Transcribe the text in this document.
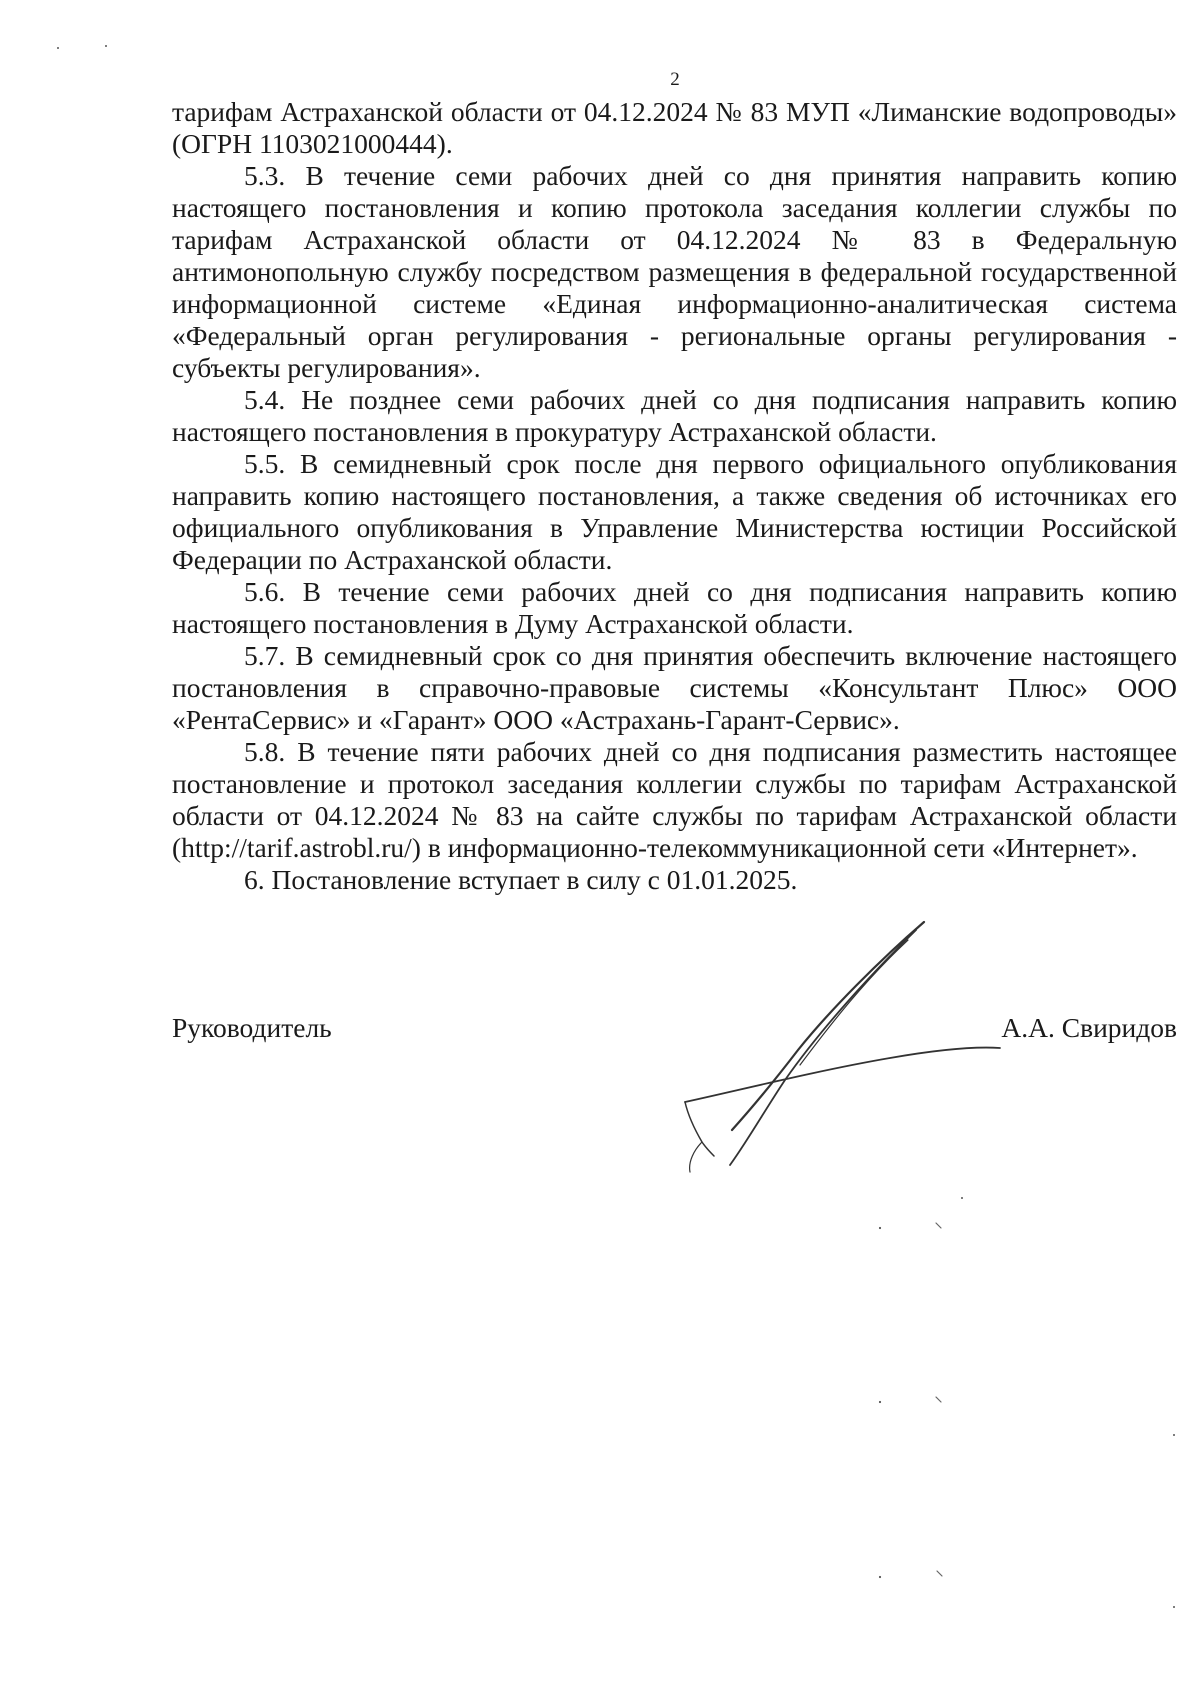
2

тарифам Астраханской области от 04.12.2024 № 83 МУП «Лиманские водопроводы» (ОГРН 1103021000444).

5.3. В течение семи рабочих дней со дня принятия направить копию настоящего постановления и копию протокола заседания коллегии службы по тарифам Астраханской области от 04.12.2024 № 83 в Федеральную антимонопольную службу посредством размещения в федеральной государственной информационной системе «Единая информационно-аналитическая система «Федеральный орган регулирования - региональные органы регулирования - субъекты регулирования».

5.4. Не позднее семи рабочих дней со дня подписания направить копию настоящего постановления в прокуратуру Астраханской области.

5.5. В семидневный срок после дня первого официального опубликования направить копию настоящего постановления, а также сведения об источниках его официального опубликования в Управление Министерства юстиции Российской Федерации по Астраханской области.

5.6. В течение семи рабочих дней со дня подписания направить копию настоящего постановления в Думу Астраханской области.

5.7. В семидневный срок со дня принятия обеспечить включение настоящего постановления в справочно-правовые системы «Консультант Плюс» ООО «РентаСервис» и «Гарант» ООО «Астрахань-Гарант-Сервис».

5.8. В течение пяти рабочих дней со дня подписания разместить настоящее постановление и протокол заседания коллегии службы по тарифам Астраханской области от 04.12.2024 № 83 на сайте службы по тарифам Астраханской области (http://tarif.astrobl.ru/) в информационно-телекоммуникационной сети «Интернет».

6. Постановление вступает в силу с 01.01.2025.

Руководитель	А.А. Свиридов
